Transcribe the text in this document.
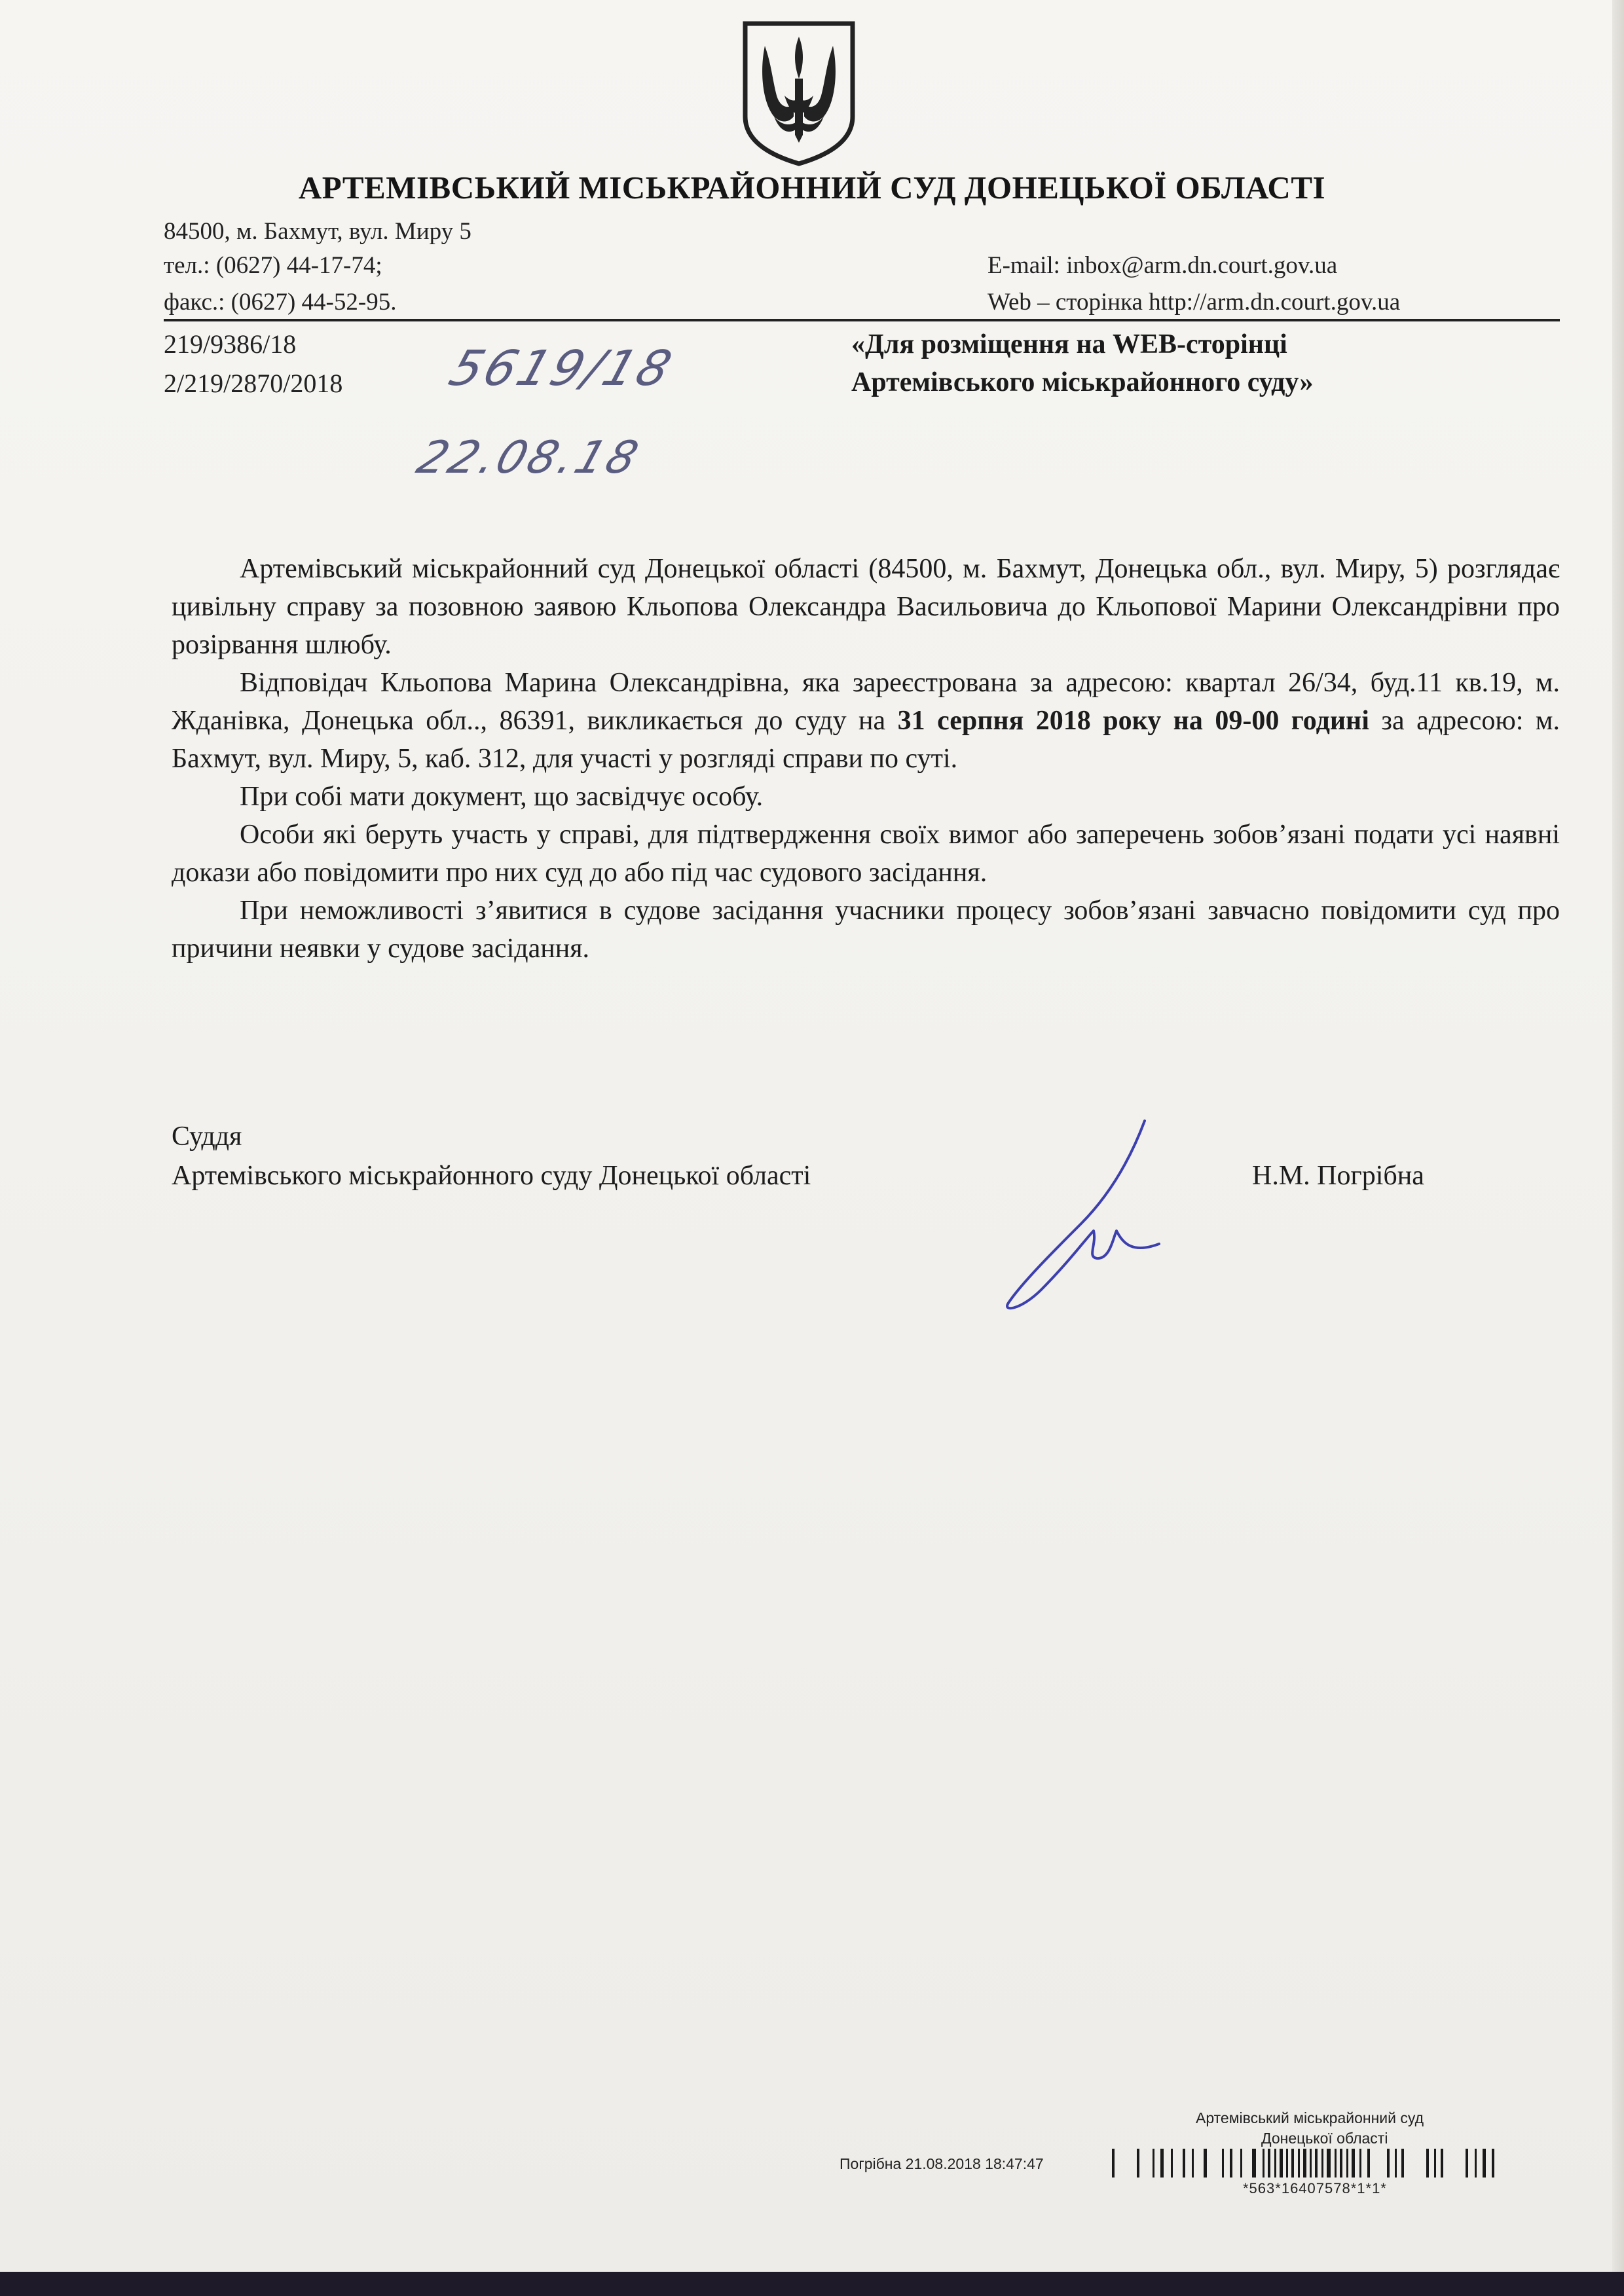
АРТЕМІВСЬКИЙ МІСЬКРАЙОННИЙ СУД ДОНЕЦЬКОЇ ОБЛАСТІ
84500, м. Бахмут, вул. Миру 5
тел.: (0627) 44-17-74;
факс.: (0627) 44-52-95.
E-mail: inbox@arm.dn.court.gov.ua
Web – сторінка http://arm.dn.court.gov.ua
219/9386/18
2/219/2870/2018 5619/18
22.08.18
«Для розміщення на WEB-сторінці
Артемівського міськрайонного суду»

Артемівський міськрайонний суд Донецької області (84500, м. Бахмут, Донецька обл., вул. Миру, 5) розглядає цивільну справу за позовною заявою Кльопова Олександра Васильовича до Кльопової Марини Олександрівни про розірвання шлюбу.

Відповідач Кльопова Марина Олександрівна, яка зареєстрована за адресою: квартал 26/34, буд.11 кв.19, м. Жданівка, Донецька обл.., 86391, викликається до суду на 31 серпня 2018 року на 09-00 годині за адресою: м. Бахмут, вул. Миру, 5, каб. 312, для участі у розгляді справи по суті.

При собі мати документ, що засвідчує особу.

Особи які беруть участь у справі, для підтвердження своїх вимог або заперечень зобов’язані подати усі наявні докази або повідомити про них суд до або під час судового засідання.

При неможливості з’явитися в судове засідання учасники процесу зобов’язані завчасно повідомити суд про причини неявки у судове засідання.

Суддя
Артемівського міськрайонного суду Донецької області	Н.М. Погрібна
Артемівський міськрайонний суд
Донецької області
Погрібна 21.08.2018 18:47:47
*563*16407578*1*1*
